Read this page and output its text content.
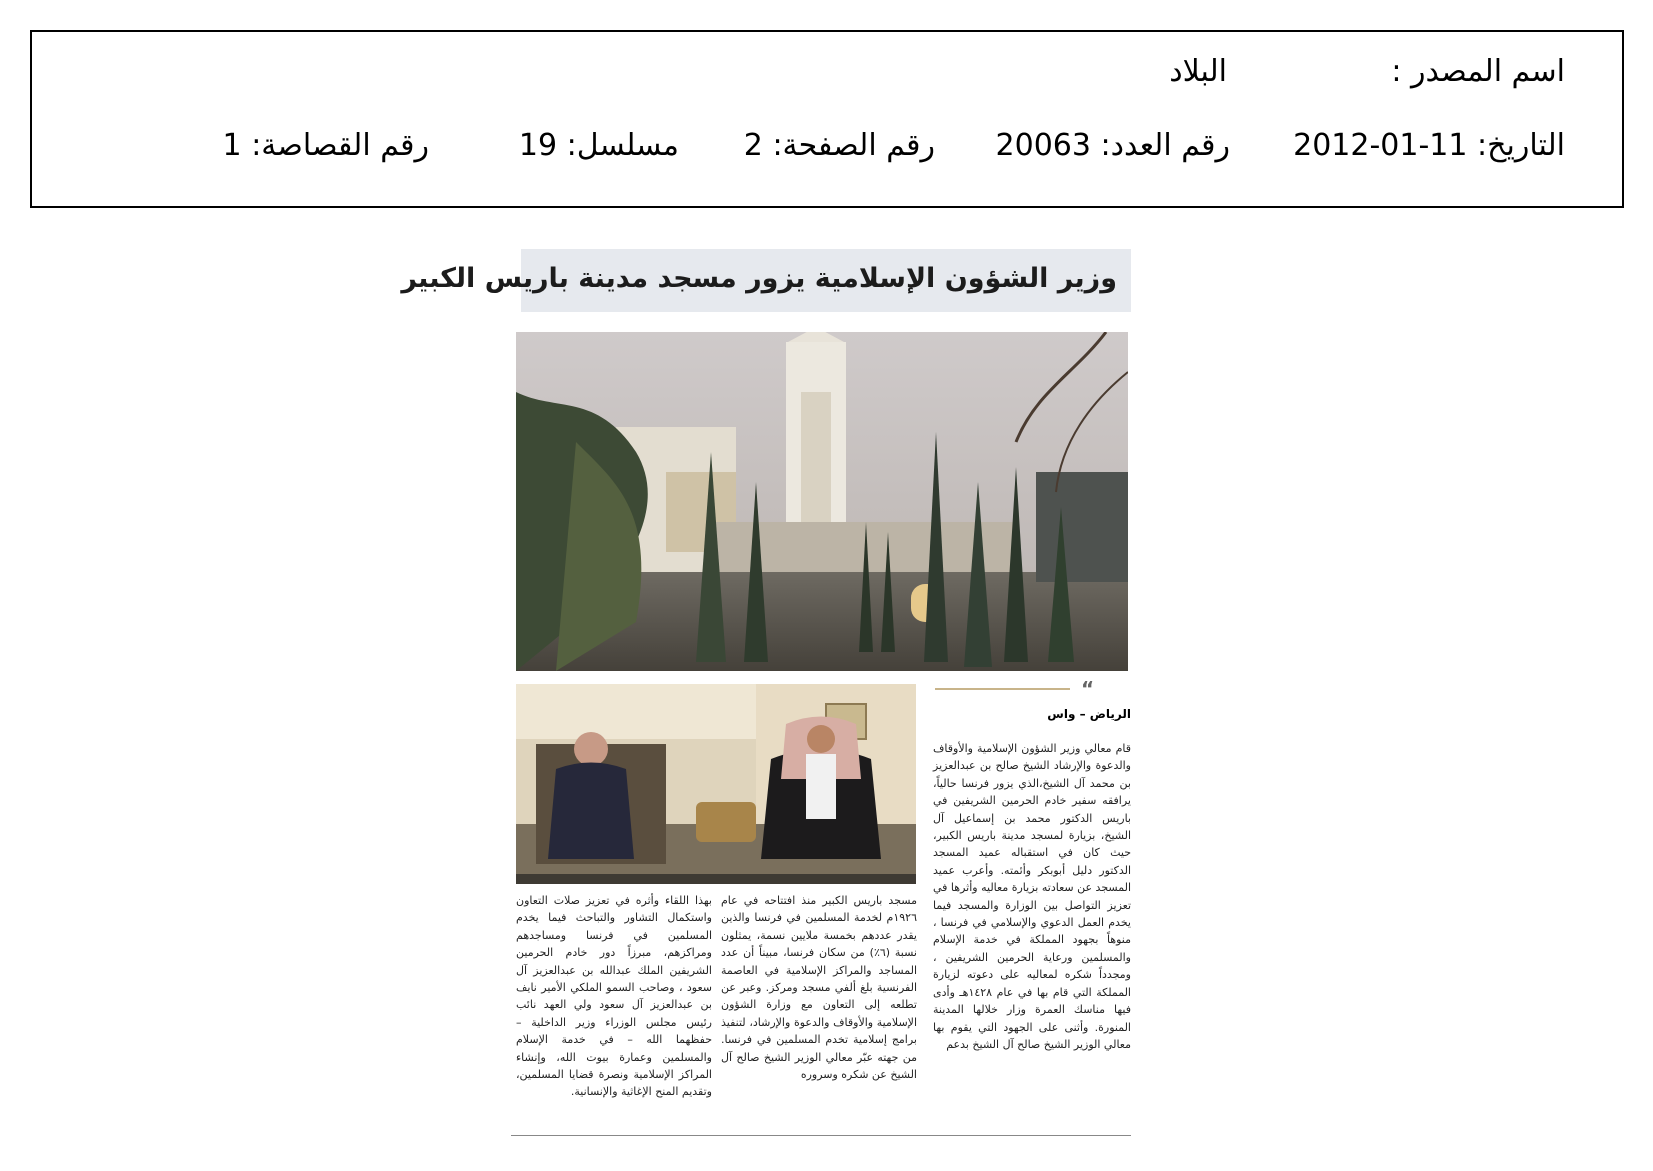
اسم المصدر :
البلاد
التاريخ: 2012-01-11
رقم العدد: 20063
رقم الصفحة: 2
مسلسل: 19
رقم القصاصة: 1
وزير الشؤون الإسلامية يزور مسجد مدينة باريس الكبير
“
الرياض – واس
قام معالي وزير الشؤون الإسلامية والأوقاف والدعوة والإرشاد الشيخ صالح بن عبدالعزيز بن محمد آل الشيخ،الذي يزور فرنسا حالياً، يرافقه سفير خادم الحرمين الشريفين في باريس الدكتور محمد بن إسماعيل آل الشيخ، بزيارة لمسجد مدينة باريس الكبير، حيث كان في استقباله عميد المسجد الدكتور دليل أبوبكر وأئمته. وأعرب عميد المسجد عن سعادته بزيارة معاليه وأثرها في تعزيز التواصل بين الوزارة والمسجد فيما يخدم العمل الدعوي والإسلامي في فرنسا ، منوهاً بجهود المملكة في خدمة الإسلام والمسلمين ورعاية الحرمين الشريفين ، ومجدداً شكره لمعاليه على دعوته لزيارة المملكة التي قام بها في عام ١٤٢٨هـ وأدى فيها مناسك العمرة وزار خلالها المدينة المنورة. وأثنى على الجهود التي يقوم بها معالي الوزير الشيخ صالح آل الشيخ بدعم
مسجد باريس الكبير منذ افتتاحه في عام ١٩٢٦م لخدمة المسلمين في فرنسا والذين يقدر عددهم بخمسة ملايين نسمة، يمثلون نسبة (٦٪) من سكان فرنسا، مبيناً أن عدد المساجد والمراكز الإسلامية في العاصمة الفرنسية بلغ ألفي مسجد ومركز. وعبر عن تطلعه إلى التعاون مع وزارة الشؤون الإسلامية والأوقاف والدعوة والإرشاد، لتنفيذ برامج إسلامية تخدم المسلمين في فرنسا. من جهته عبّر معالي الوزير الشيخ صالح آل الشيخ عن شكره وسروره
بهذا اللقاء وأثره في تعزيز صلات التعاون واستكمال التشاور والتباحث فيما يخدم المسلمين في فرنسا ومساجدهم ومراكزهم، مبرزاً دور خادم الحرمين الشريفين الملك عبدالله بن عبدالعزيز آل سعود ، وصاحب السمو الملكي الأمير نايف بن عبدالعزيز آل سعود ولي العهد نائب رئيس مجلس الوزراء وزير الداخلية – حفظهما الله – في خدمة الإسلام والمسلمين وعمارة بيوت الله، وإنشاء المراكز الإسلامية ونصرة قضايا المسلمين، وتقديم المنح الإغاثية والإنسانية.
